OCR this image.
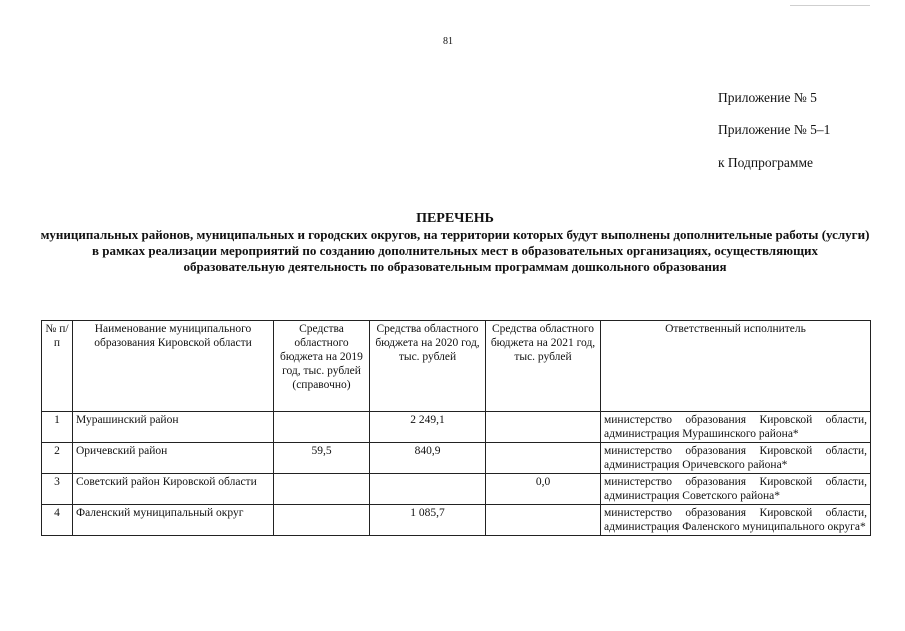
81
Приложение № 5
Приложение № 5–1
к Подпрограмме
ПЕРЕЧЕНЬ
муниципальных районов, муниципальных и городских округов, на территории которых будут выполнены дополнительные работы (услуги) в рамках реализации мероприятий по созданию дополнительных мест в образовательных организациях, осуществляющих образовательную деятельность по образовательным программам дошкольного образования
№ п/п	Наименование муниципального образования Кировской области	Средства областного бюджета на 2019 год, тыс. рублей (справочно)	Средства областного бюджета на 2020 год, тыс. рублей	Средства областного бюджета на 2021 год, тыс. рублей	Ответственный исполнитель
1	Мурашинский район		2 249,1		министерство образования Кировской области, администрация Мурашинского района*
2	Оричевский район	59,5	840,9		министерство образования Кировской области, администрация Оричевского района*
3	Советский район Кировской области			0,0	министерство образования Кировской области, администрация Советского района*
4	Фаленский муниципальный округ		1 085,7		министерство образования Кировской области, администрация Фаленского муниципального округа*
